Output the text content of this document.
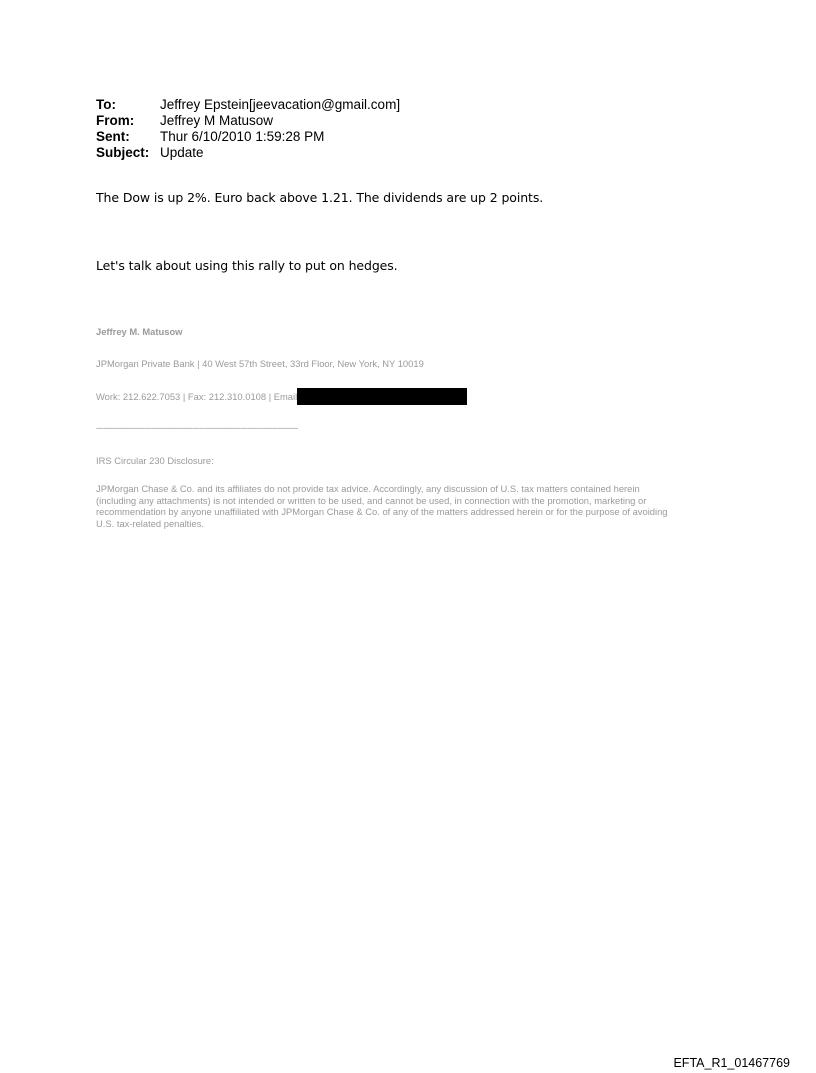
To:	Jeffrey Epstein[jeevacation@gmail.com]
From:	Jeffrey M Matusow
Sent:	Thur 6/10/2010 1:59:28 PM
Subject: Update
The Dow is up 2%. Euro back above 1.21. The dividends are up 2 points.
Let's talk about using this rally to put on hedges.
Jeffrey M. Matusow
JPMorgan Private Bank | 40 West 57th Street, 33rd Floor, New York, NY 10019
Work: 212.622.7053 | Fax: 212.310.0108 | Email
--------------------------------------------------------------------------------
IRS Circular 230 Disclosure:
JPMorgan Chase & Co. and its affiliates do not provide tax advice. Accordingly, any discussion of U.S. tax matters contained herein
(including any attachments) is not intended or written to be used, and cannot be used, in connection with the promotion, marketing or
recommendation by anyone unaffiliated with JPMorgan Chase & Co. of any of the matters addressed herein or for the purpose of avoiding
U.S. tax-related penalties.
EFTA_R1_01467769
